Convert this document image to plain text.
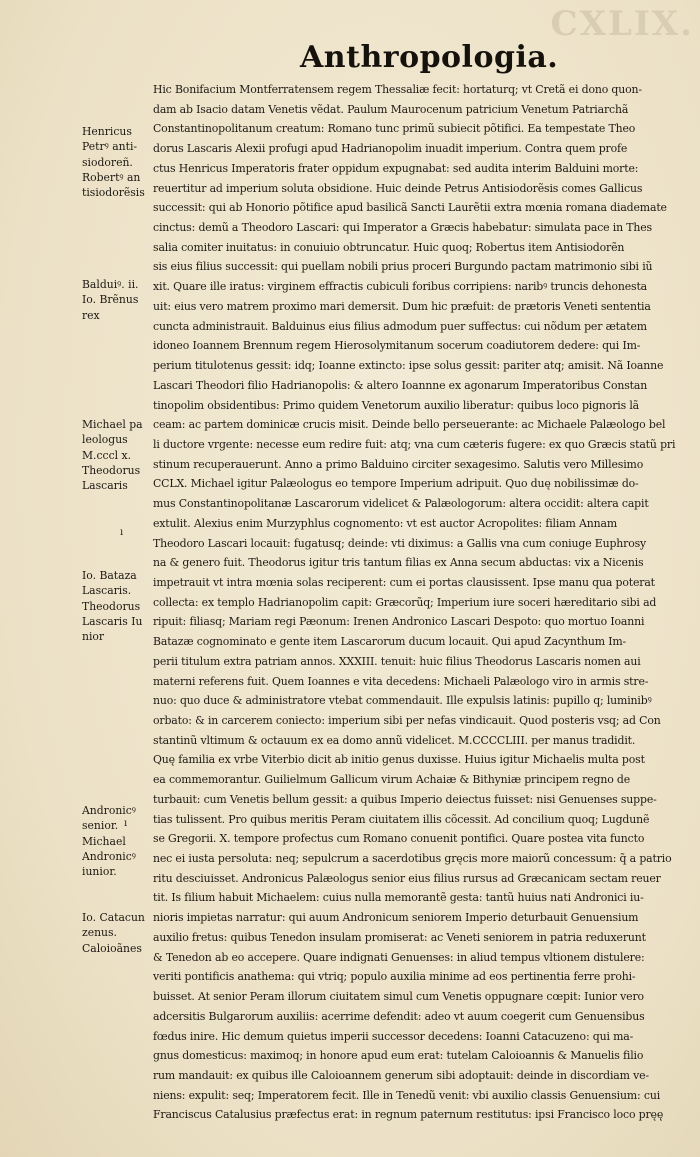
CXLIX.
Anthropologia.
Henricus
Petrꝰ anti-
siodoreñ.
Robertꝰ an
tisiodorẽsis
Balduiꝰ. ii.
Io. Brẽnus
rex
Michael pa
leologus
M.cccl x.
Theodorus
Lascaris
Io. Bataza
Lascaris.
Theodorus
Lascaris Iu
nior
Andronicꝰ
senior.
Michael
Andronicꝰ
iunior.
Io. Catacun
zenus.
Caloioãnes
ı
ı
Hic Bonifacium Montferratensem regem Thessaliæ fecit: hortaturq; vt Cretã ei dono quon-
dam ab Isacio datam Venetis vẽdat. Paulum Maurocenum patricium Venetum Patriarchã
Constantinopolitanum creatum: Romano tunc primũ subiecit põtifici. Ea tempestate Theo
dorus Lascaris Alexii profugi apud Hadrianopolim inuadit imperium. Contra quem profe
ctus Henricus Imperatoris frater oppidum expugnabat: sed audita interim Balduini morte:
reuertitur ad imperium soluta obsidione. Huic deinde Petrus Antisiodorẽsis comes Gallicus
successit: qui ab Honorio põtifice apud basilicã Sancti Laurẽtii extra mœnia romana diademate
cinctus: demũ a Theodoro Lascari: qui Imperator a Græcis habebatur: simulata pace in Thes
salia comiter inuitatus: in conuiuio obtruncatur. Huic quoq; Robertus item Antisiodorẽn
sis eius filius successit: qui puellam nobili prius proceri Burgundo pactam matrimonio sibi iũ
xit. Quare ille iratus: virginem effractis cubiculi foribus corripiens: naribꝰ truncis dehonesta
uit: eius vero matrem proximo mari demersit. Dum hic præfuit: de prætoris Veneti sententia
cuncta administrauit. Balduinus eius filius admodum puer suffectus: cui nõdum per ætatem
idoneo Ioannem Brennum regem Hierosolymitanum socerum coadiutorem dedere: qui Im-
perium titulotenus gessit: idq; Ioanne extincto: ipse solus gessit: pariter atq; amisit. Nã Ioanne
Lascari Theodori filio Hadrianopolis: & altero Ioannne ex agonarum Imperatoribus Constan
tinopolim obsidentibus: Primo quidem Venetorum auxilio liberatur: quibus loco pignoris lã
ceam: ac partem dominicæ crucis misit. Deinde bello perseuerante: ac Michaele Palæologo bel
li ductore vrgente: necesse eum redire fuit: atq; vna cum cæteris fugere: ex quo Græcis statũ pri
stinum recuperauerunt. Anno a primo Balduino circiter sexagesimo. Salutis vero Millesimo
CCLX. Michael igitur Palæologus eo tempore Imperium adripuit. Quo duę nobilissimæ do-
mus Constantinopolitanæ Lascarorum videlicet & Palæologorum: altera occidit: altera capit
extulit. Alexius enim Murzyphlus cognomento: vt est auctor Acropolites: filiam Annam
Theodoro Lascari locauit: fugatusq; deinde: vti diximus: a Gallis vna cum coniuge Euphrosy
na & genero fuit. Theodorus igitur tris tantum filias ex Anna secum abductas: vix a Nicenis
impetrauit vt intra mœnia solas reciperent: cum ei portas clausissent. Ipse manu qua poterat
collecta: ex templo Hadrianopolim capit: Græcorũq; Imperium iure soceri hæreditario sibi ad
ripuit: filiasq; Mariam regi Pæonum: Irenen Andronico Lascari Despoto: quo mortuo Ioanni
Batazæ cognominato e gente item Lascarorum ducum locauit. Qui apud Zacynthum Im-
perii titulum extra patriam annos. XXXIII. tenuit: huic filius Theodorus Lascaris nomen aui
materni referens fuit. Quem Ioannes e vita decedens: Michaeli Palæologo viro in armis stre-
nuo: quo duce & administratore vtebat commendauit. Ille expulsis latinis: pupillo q; luminibꝰ
orbato: & in carcerem coniecto: imperium sibi per nefas vindicauit. Quod posteris vsq; ad Con
stantinũ vltimum & octauum ex ea domo annũ videlicet. M.CCCCLIII. per manus tradidit.
Quę familia ex vrbe Viterbio dicit ab initio genus duxisse. Huius igitur Michaelis multa post
ea commemorantur. Guilielmum Gallicum virum Achaiæ & Bithyniæ principem regno de
turbauit: cum Venetis bellum gessit: a quibus Imperio deiectus fuisset: nisi Genuenses suppe-
tias tulissent. Pro quibus meritis Peram ciuitatem illis cõcessit. Ad concilium quoq; Lugdunẽ
se Gregorii. X. tempore profectus cum Romano conuenit pontifici. Quare postea vita functo
nec ei iusta persoluta: neq; sepulcrum a sacerdotibus gręcis more maiorũ concessum: q̃ a patrio
ritu desciuisset. Andronicus Palæologus senior eius filius rursus ad Græcanicam sectam reuer
tit. Is filium habuit Michaelem: cuius nulla memorantẽ gesta: tantũ huius nati Andronici iu-
nioris impietas narratur: qui auum Andronicum seniorem Imperio deturbauit Genuensium
auxilio fretus: quibus Tenedon insulam promiserat: ac Veneti seniorem in patria reduxerunt
& Tenedon ab eo accepere. Quare indignati Genuenses: in aliud tempus vltionem distulere:
veriti pontificis anathema: qui vtriq; populo auxilia minime ad eos pertinentia ferre prohi-
buisset. At senior Peram illorum ciuitatem simul cum Venetis oppugnare cœpit: Iunior vero
adcersitis Bulgarorum auxiliis: acerrime defendit: adeo vt auum coegerit cum Genuensibus
fœdus inire. Hic demum quietus imperii successor decedens: Ioanni Catacuzeno: qui ma-
gnus domesticus: maximoq; in honore apud eum erat: tutelam Caloioannis & Manuelis filio
rum mandauit: ex quibus ille Caloioannem generum sibi adoptauit: deinde in discordiam ve-
niens: expulit: seq; Imperatorem fecit. Ille in Tenedũ venit: vbi auxilio classis Genuensium: cui
Franciscus Catalusius præfectus erat: in regnum paternum restitutus: ipsi Francisco loco pręę
